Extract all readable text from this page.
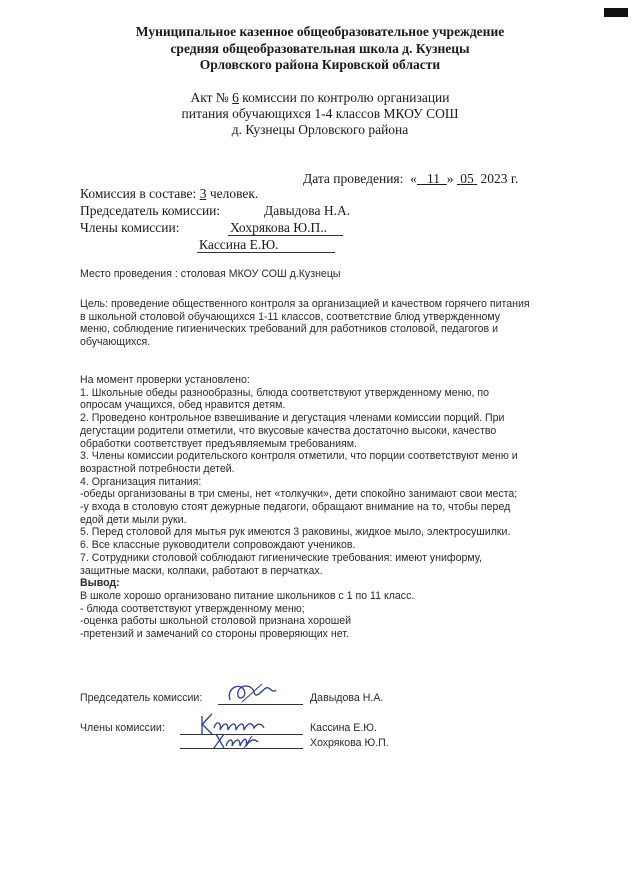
Муниципальное казенное общеобразовательное учреждение
средняя общеобразовательная школа д. Кузнецы
Орловского района Кировской области
Акт № 6 комиссии по контролю организации
питания обучающихся 1-4 классов МКОУ СОШ
д. Кузнецы Орловского района
Дата проведения: « 11 » 05 2023 г.
Комиссия в составе: 3 человек.
Председатель комиссии:	Давыдова Н.А.
Члены комиссии:	Хохрякова Ю.П..
Кассина Е.Ю.
Место проведения : столовая МКОУ СОШ д.Кузнецы
Цель: проведение общественного контроля за организацией и качеством горячего питания
в школьной столовой обучающихся 1-11 классов, соответствие блюд утвержденному
меню, соблюдение гигиенических требований для работников столовой, педагогов и
обучающихся.
На момент проверки установлено:
1. Школьные обеды разнообразны, блюда соответствуют утвержденному меню, по
опросам учащихся, обед нравится детям.
2. Проведено контрольное взвешивание и дегустация членами комиссии порций. При
дегустации родители отметили, что вкусовые качества достаточно высоки, качество
обработки соответствует предъявляемым требованиям.
3. Члены комиссии родительского контроля отметили, что порции соответствуют меню и
возрастной потребности детей.
4. Организация питания:
-обеды организованы в три смены, нет «толкучки», дети спокойно занимают свои места;
-у входа в столовую стоят дежурные педагоги, обращают внимание на то, чтобы перед
едой дети мыли руки.
5. Перед столовой для мытья рук имеются 3 раковины, жидкое мыло, электросушилки.
6. Все классные руководители сопровождают учеников.
7. Сотрудники столовой соблюдают гигиенические требования: имеют униформу,
защитные маски, колпаки, работают в перчатках.
Вывод:
В школе хорошо организовано питание школьников с 1 по 11 класс.
- блюда соответствуют утвержденному меню;
-оценка работы школьной столовой признана хорошей
-претензий и замечаний со стороны проверяющих нет.
Председатель комиссии:	Давыдова Н.А.
Члены комиссии:	Кассина Е.Ю.
Хохрякова Ю.П.
